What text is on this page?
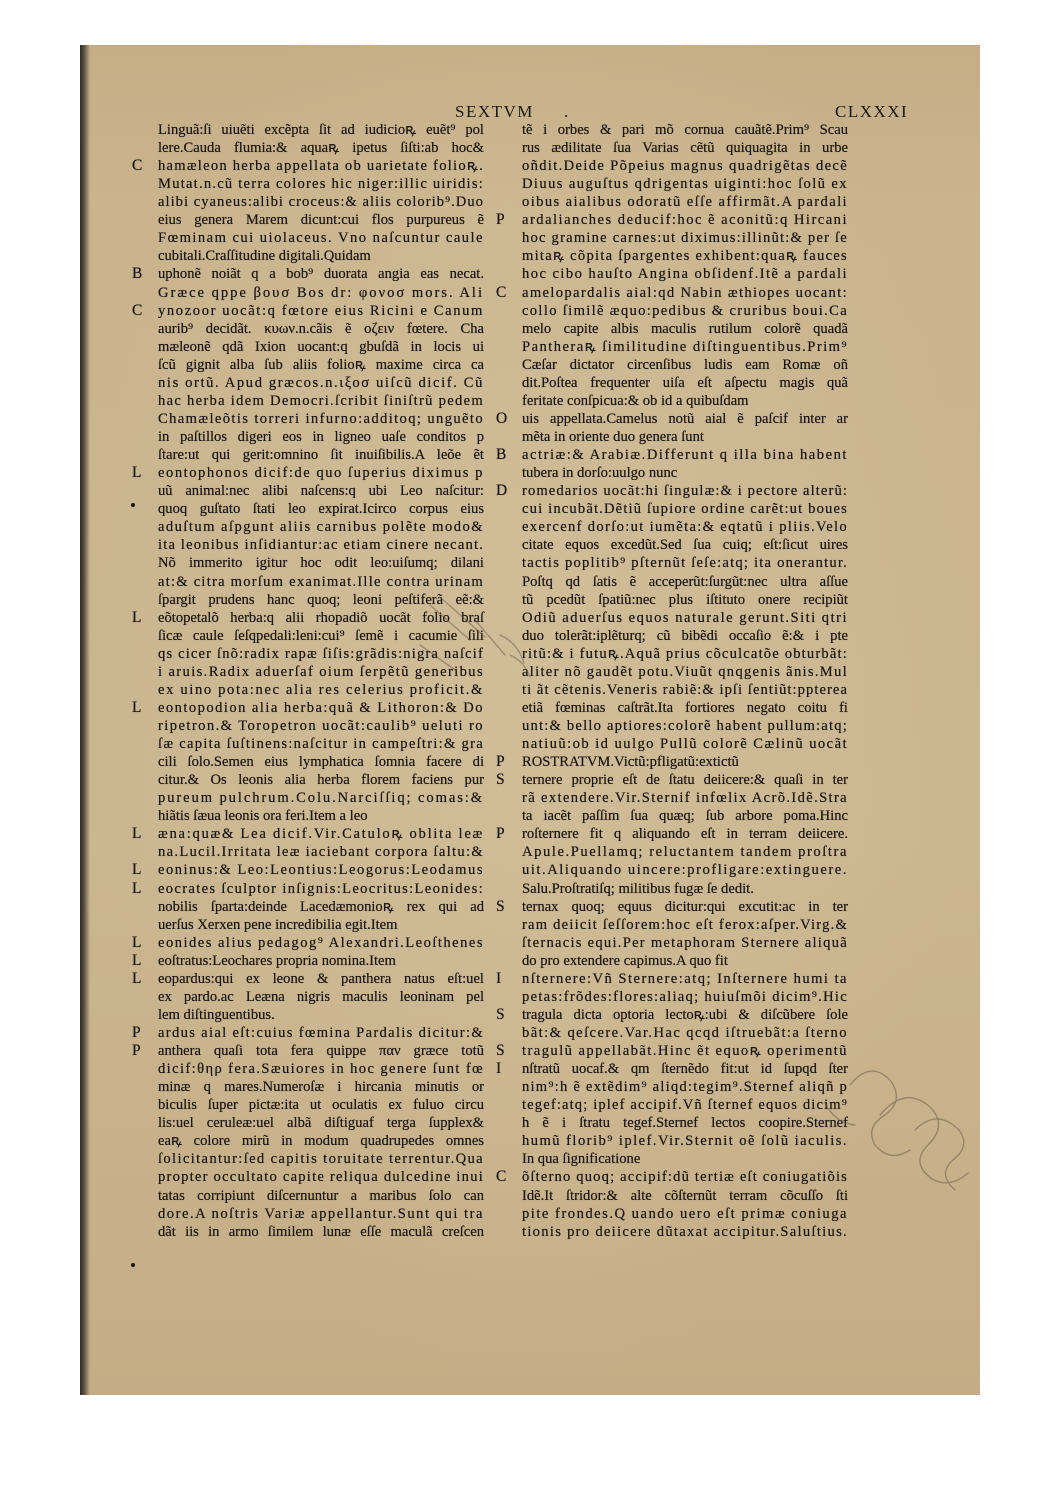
SEXTVM .	CLXXXI
Linguã:ſi uiuẽti excẽpta ſit ad iudicioꝶ euẽt⁹ pol
lere.Cauda flumia:& aquaꝶ ipetus ſiſti:ab hoc&
C hamæleon herba appellata ob uarietate folioꝶ.
Mutat.n.cũ terra colores hic niger:illic uiridis:
alibi cyaneus:alibi croceus:& aliis colorib⁹.Duo
eius genera Marem dicunt:cui flos purpureus ẽ
Fœminam cui uiolaceus. Vno naſcuntur caule
cubitali.Craſſitudine digitali.Quidam
B uphonẽ noiãt q a bob⁹ duorata angia eas necat.
Græce qppe βουσ Bos dr: φονοσ mors. Ali
C ynozoor uocãt:q fœtore eius Ricini e Canum
aurib⁹ decidãt. κυων.n.cãis ẽ οζειν fœtere. Cha
mæleonẽ qdã Ixion uocant:q gbuſdã in locis ui
ſcũ gignit alba ſub aliis folioꝶ maxime circa ca
nis ortũ. Apud græcos.n.ιξοσ uiſcũ dicif. Cũ
hac herba idem Democri.ſcribit ſiniſtrũ pedem
Chamæleõtis torreri infurno:additoq; unguẽto
in paſtillos digeri eos in ligneo uaſe conditos p
ſtare:ut qui gerit:omnino ſit inuiſibilis.A leõe ẽt
L eontophonos dicif:de quo ſuperius diximus p
uũ animal:nec alibi naſcens:q ubi Leo naſcitur:
quoq guſtato ſtati leo expirat.Icirco corpus eius
aduſtum aſpgunt aliis carnibus polẽte modo&
ita leonibus inſidiantur:ac etiam cinere necant.
Nõ immerito igitur hoc odit leo:uiſumq; dilani
at:& citra morſum exanimat.Ille contra urinam
ſpargit prudens hanc quoq; leoni peſtiferã eẽ:&
L eõtopetalõ herba:q alii rhopadiõ uocãt folio braſ
ſicæ caule ſeſqpedali:leni:cui⁹ ſemẽ i cacumie ſili
qs cicer ſnõ:radix rapæ ſiſis:grãdis:nigra naſcif
i aruis.Radix aduerſaf oium ſerpẽtũ generibus
ex uino pota:nec alia res celerius proficit.&
L eontopodion alia herba:quã & Lithoron:& Do
ripetron.& Toropetron uocãt:caulib⁹ ueluti ro
ſæ capita ſuſtinens:naſcitur in campeſtri:& gra
cili ſolo.Semen eius lymphatica ſomnia facere di
citur.& Os leonis alia herba florem faciens pur
pureum pulchrum.Colu.Narciſſiq; comas:&
hiãtis ſæua leonis ora feri.Item a leo
L æna:quæ& Lea dicif.Vir.Catuloꝶ oblita leæ
na.Lucil.Irritata leæ iaciebant corpora ſaltu:&
L eoninus:& Leo:Leontius:Leogorus:Leodamus
L eocrates ſculptor inſignis:Leocritus:Leonides:
nobilis ſparta:deinde Lacedæmonioꝶ rex qui ad
uerſus Xerxen pene incredibilia egit.Item
L eonides alius pedagog⁹ Alexandri.Leoſthenes
L eoſtratus:Leochares propria nomina.Item
L eopardus:qui ex leone & panthera natus eſt:uel
ex pardo.ac Leæna nigris maculis leoninam pel
lem diſtinguentibus.
P ardus aial eſt:cuius fœmina Pardalis dicitur:&
P anthera quaſi tota fera quippe παν græce totũ
dicif:θηρ fera.Sæuiores in hoc genere ſunt fœ
minæ q mares.Numeroſæ i hircania minutis or
biculis ſuper pictæ:ita ut oculatis ex fuluo circu
lis:uel ceruleæ:uel albã diſtiguaf terga ſupplex&
eaꝶ colore mirũ in modum quadrupedes omnes
ſolicitantur:ſed capitis toruitate terrentur.Qua
propter occultato capite reliqua dulcedine inui
tatas corripiunt diſcernuntur a maribus ſolo can
dore.A noſtris Variæ appellantur.Sunt qui tra
dãt iis in armo ſimilem lunæ eſſe maculã creſcen
tẽ i orbes & pari mõ cornua cauãtẽ.Prim⁹ Scau
rus ædilitate ſua Varias cẽtũ quiquagita in urbe
oñdit.Deide Põpeius magnus quadrigẽtas decẽ
Diuus auguſtus qdrigentas uiginti:hoc ſolũ ex
oibus aialibus odoratũ eſſe affirmãt.A pardali
P ardalianches deducif:hoc ẽ aconitũ:q Hircani
hoc gramine carnes:ut diximus:illinũt:& per ſe
mitaꝶ cõpita ſpargentes exhibent:quaꝶ fauces
hoc cibo hauſto Angina obſidenf.Itẽ a pardali
C amelopardalis aial:qd Nabin æthiopes uocant:
collo ſimilẽ æquo:pedibus & cruribus boui.Ca
melo capite albis maculis rutilum colorẽ quadã
Pantheraꝶ ſimilitudine diſtinguentibus.Prim⁹
Cæſar dictator circenſibus ludis eam Romæ oñ
dit.Poſtea frequenter uiſa eſt aſpectu magis quã
feritate conſpicua:& ob id a quibuſdam
O uis appellata.Camelus notũ aial ẽ paſcif inter ar
mẽta in oriente duo genera ſunt
B actriæ:& Arabiæ.Differunt q illa bina habent
tubera in dorſo:uulgo nunc
D romedarios uocãt:hi ſingulæ:& i pectore alterũ:
cui incubãt.Dẽtiũ ſupiore ordine carẽt:ut boues
exercenf dorſo:ut iumẽta:& eqtatũ i pliis.Velo
citate equos excedũt.Sed ſua cuiq; eſt:ſicut uires
tactis poplitib⁹ pſternũt ſeſe:atq; ita onerantur.
Poſtq qd ſatis ẽ acceperũt:ſurgũt:nec ultra aſſue
tũ pcedũt ſpatiũ:nec plus iſtituto onere recipiũt
Odiũ aduerſus equos naturale gerunt.Siti qtri
duo tolerãt:iplẽturq; cũ bibẽdi occaſio ẽ:& i pte
ritũ:& i futuꝶ.Aquã prius cõculcatõe obturbãt:
aliter nõ gaudẽt potu.Viuũt qnqgenis ãnis.Mul
ti ãt cẽtenis.Veneris rabiẽ:& ipſi ſentiũt:ppterea
etiã fœminas caſtrãt.Ita fortiores negato coitu fi
unt:& bello aptiores:colorẽ habent pullum:atq;
natiuũ:ob id uulgo Pullũ colorẽ Cælinũ uocãt
P ROSTRATVM.Victũ:pfligatũ:extictũ
S ternere proprie eſt de ſtatu deiicere:& quaſi in ter
rã extendere.Vir.Sternif infœlix Acrõ.Idẽ.Stra
ta iacẽt paſſim ſua quæq; ſub arbore poma.Hinc
P roſternere fit q aliquando eſt in terram deiicere.
Apule.Puellamq; reluctantem tandem proſtra
uit.Aliquando uincere:profligare:extinguere.
Salu.Proſtratiſq; militibus fugæ ſe dedit.
S ternax quoq; equus dicitur:qui excutit:ac in ter
ram deiicit ſeſſorem:hoc eſt ferox:aſper.Virg.&
ſternacis equi.Per metaphoram Sternere aliquã
do pro extendere capimus.A quo fit
I nſternere:Vñ Sternere:atq; Inſternere humi ta
petas:frõdes:flores:aliaq; huiuſmõi dicim⁹.Hic
S tragula dicta optoria lectoꝶ:ubi & diſcũbere ſole
bãt:& qeſcere.Var.Hac qcqd iſtruebãt:a ſterno
S tragulũ appellabãt.Hinc ẽt equoꝶ operimentũ
I nſtratũ uocaf.& qm ſternẽdo fit:ut id ſupqd ſter
nim⁹:h ẽ extẽdim⁹ aliqd:tegim⁹.Sternef aliqñ p
tegef:atq; iplef accipif.Vñ ſternef equos dicim⁹
h ẽ i ſtratu tegef.Sternef lectos coopire.Sternef
humũ florib⁹ iplef.Vir.Sternit oẽ ſolũ iaculis.
In qua ſignificatione
C õſterno quoq; accipif:dũ tertiæ eſt coniugatiõis
Idẽ.It ſtridor:& alte cõſternũt terram cõcuſſo ſti
pite frondes.Q uando uero eſt primæ coniuga
tionis pro deiicere dũtaxat accipitur.Saluſtius.
